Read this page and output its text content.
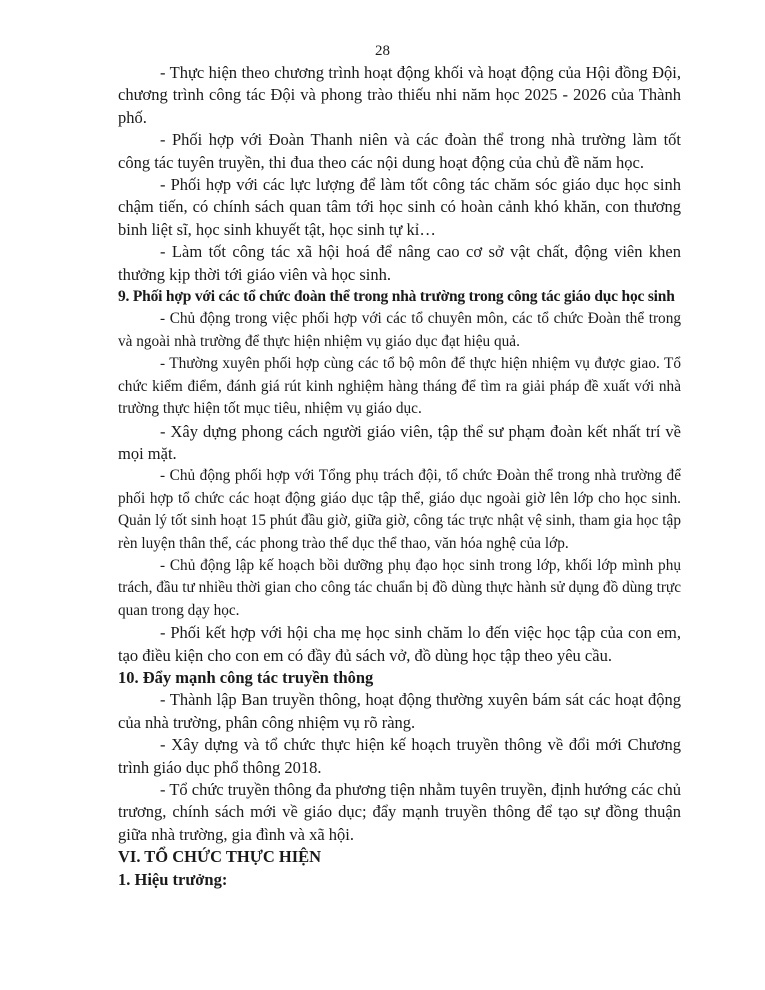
28

- Thực hiện theo chương trình hoạt động khối và hoạt động của Hội đồng Đội, chương trình công tác Đội và phong trào thiếu nhi năm học 2025 - 2026 của Thành phố.

- Phối hợp với Đoàn Thanh niên và các đoàn thể trong nhà trường làm tốt công tác tuyên truyền, thi đua theo các nội dung hoạt động của chủ đề năm học.

- Phối hợp với các lực lượng để làm tốt công tác chăm sóc giáo dục học sinh chậm tiến, có chính sách quan tâm tới học sinh có hoàn cảnh khó khăn, con thương binh liệt sĩ, học sinh khuyết tật, học sinh tự kỉ…

- Làm tốt công tác xã hội hoá để nâng cao cơ sở vật chất, động viên khen thưởng kịp thời tới giáo viên và học sinh.

9. Phối hợp với các tổ chức đoàn thể trong nhà trường trong công tác giáo dục học sinh

- Chủ động trong việc phối hợp với các tổ chuyên môn, các tổ chức Đoàn thể trong và ngoài nhà trường để thực hiện nhiệm vụ giáo dục đạt hiệu quả.

- Thường xuyên phối hợp cùng các tổ bộ môn để thực hiện nhiệm vụ được giao. Tổ chức kiểm điểm, đánh giá rút kinh nghiệm hàng tháng để tìm ra giải pháp đề xuất với nhà trường thực hiện tốt mục tiêu, nhiệm vụ giáo dục.

- Xây dựng phong cách người giáo viên, tập thể sư phạm đoàn kết nhất trí về mọi mặt.

- Chủ động phối hợp với Tổng phụ trách đội, tổ chức Đoàn thể trong nhà trường để phối hợp tổ chức các hoạt động giáo dục tập thể, giáo dục ngoài giờ lên lớp cho học sinh. Quản lý tốt sinh hoạt 15 phút đầu giờ, giữa giờ, công tác trực nhật vệ sinh, tham gia học tập rèn luyện thân thể, các phong trào thể dục thể thao, văn hóa nghệ của lớp.

- Chủ động lập kế hoạch bồi dưỡng phụ đạo học sinh trong lớp, khối lớp mình phụ trách, đầu tư nhiều thời gian cho công tác chuẩn bị đồ dùng thực hành sử dụng đồ dùng trực quan trong dạy học.

- Phối kết hợp với hội cha mẹ học sinh chăm lo đến việc học tập của con em, tạo điều kiện cho con em có đầy đủ sách vở, đồ dùng học tập theo yêu cầu.

10. Đẩy mạnh công tác truyền thông

- Thành lập Ban truyền thông, hoạt động thường xuyên bám sát các hoạt động của nhà trường, phân công nhiệm vụ rõ ràng.

- Xây dựng và tổ chức thực hiện kế hoạch truyền thông về đổi mới Chương trình giáo dục phổ thông 2018.

- Tổ chức truyền thông đa phương tiện nhằm tuyên truyền, định hướng các chủ trương, chính sách mới về giáo dục; đẩy mạnh truyền thông để tạo sự đồng thuận giữa nhà trường, gia đình và xã hội.

VI. TỔ CHỨC THỰC HIỆN
1. Hiệu trưởng:
